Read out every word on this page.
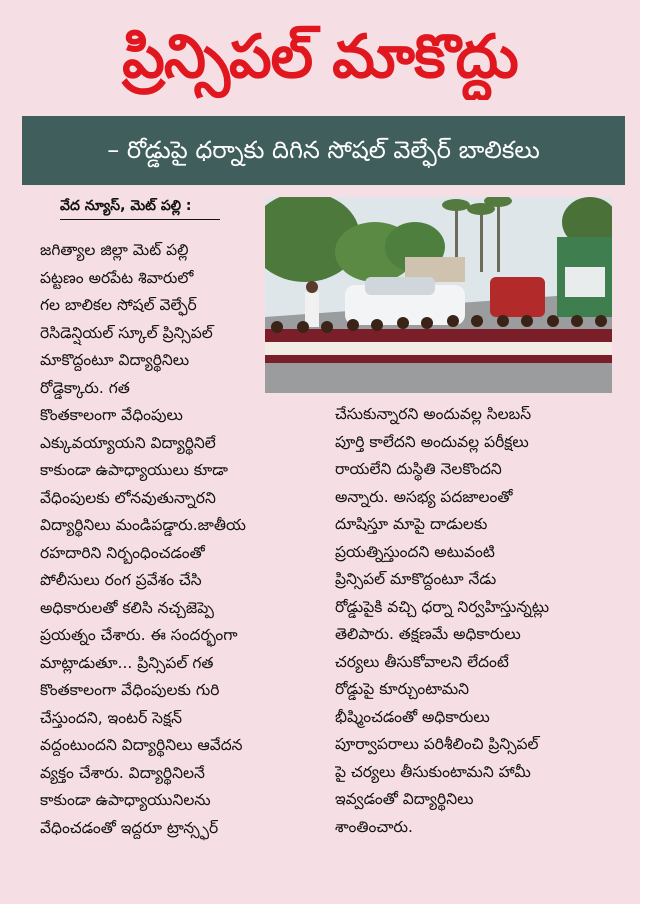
ప్రిన్సిపల్ మాకొద్దు
– రోడ్డుపై ధర్నాకు దిగిన సోషల్ వెల్ఫేర్ బాలికలు
వేద న్యూస్, మెట్ పల్లి :

జగిత్యాల జిల్లా మెట్ పల్లి

పట్టణం అరపేట శివారులో

గల బాలికల సోషల్ వెల్ఫేర్

రెసిడెన్షియల్ స్కూల్ ప్రిన్సిపల్

మాకొద్దంటూ విద్యార్థినిలు

రోడ్డెక్కారు. గత

కొంతకాలంగా వేధింపులు

ఎక్కువయ్యాయని విద్యార్థినిలే

కాకుండా ఉపాధ్యాయులు కూడా

వేధింపులకు లోనవుతున్నారని

విద్యార్థినిలు మండిపడ్డారు.జాతీయ

రహదారిని నిర్బంధించడంతో

పోలీసులు రంగ ప్రవేశం చేసి

అధికారులతో కలిసి నచ్చజెప్పె

ప్రయత్నం చేశారు. ఈ సందర్భంగా

మాట్లాడుతూ... ప్రిన్సిపల్ గత

కొంతకాలంగా వేధింపులకు గురి

చేస్తుందని, ఇంటర్ సెక్షన్

వద్దంటుందని విద్యార్థినిలు ఆవేదన

వ్యక్తం చేశారు. విద్యార్థినిలనే

కాకుండా ఉపాధ్యాయునిలను

వేధించడంతో ఇద్దరూ ట్రాన్స్ఫర్

చేసుకున్నారని అందువల్ల సిలబస్

పూర్తి కాలేదని అందువల్ల పరీక్షలు

రాయలేని దుస్థితి నెలకొందని

అన్నారు. అసభ్య పదజాలంతో

దూషిస్తూ మాపై దాడులకు

ప్రయత్నిస్తుందని అటువంటి

ప్రిన్సిపల్ మాకొద్దంటూ నేడు

రోడ్డుపైకి వచ్చి ధర్నా నిర్వహిస్తున్నట్లు

తెలిపారు. తక్షణమే అధికారులు

చర్యలు తీసుకోవాలని లేదంటే

రోడ్డుపై కూర్చుంటామని

భీష్మించడంతో అధికారులు

పూర్వాపరాలు పరిశీలించి ప్రిన్సిపల్

పై చర్యలు తీసుకుంటామని హామీ

ఇవ్వడంతో విద్యార్థినిలు

శాంతించారు.
